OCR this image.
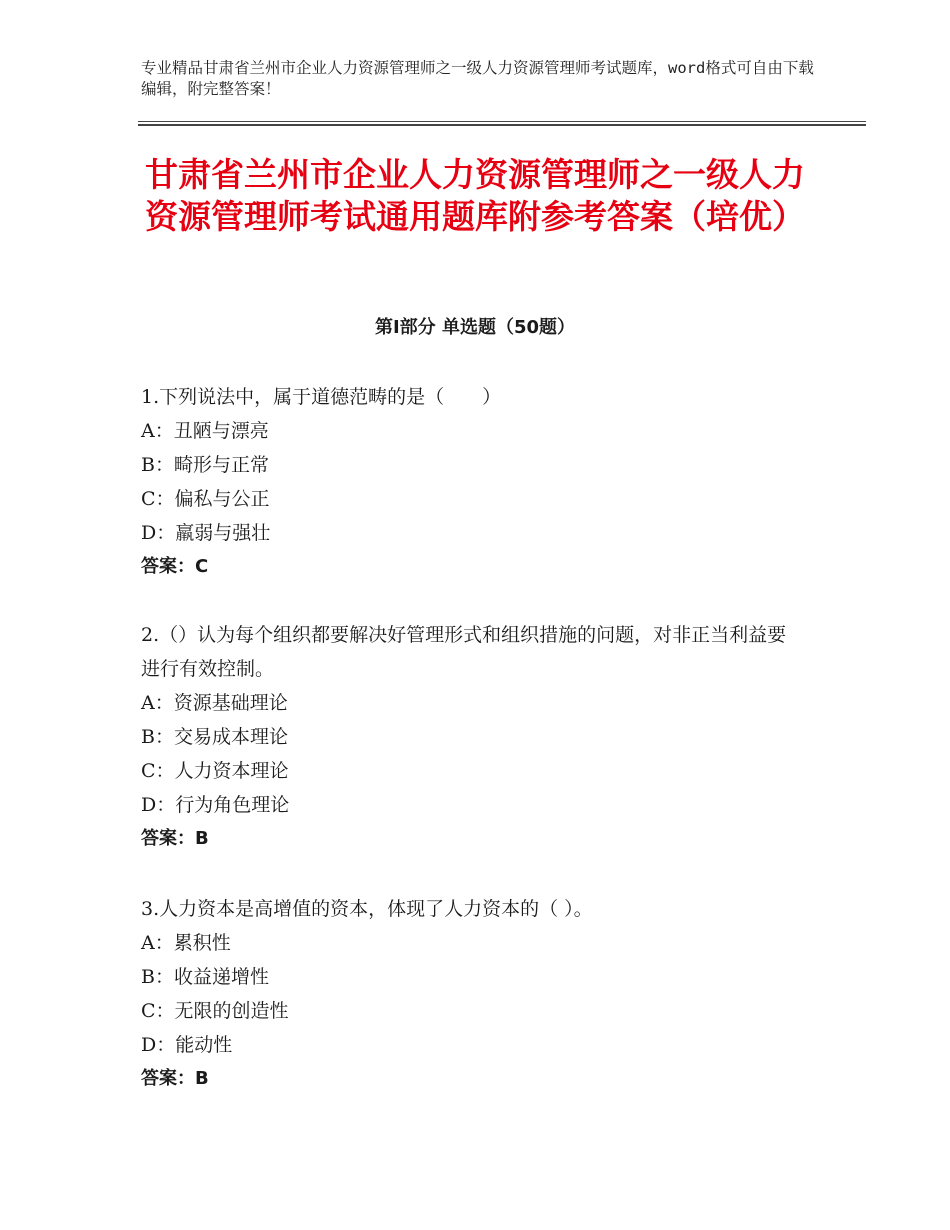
专业精品甘肃省兰州市企业人力资源管理师之一级人力资源管理师考试题库，word格式可自由下载编辑，附完整答案！
甘肃省兰州市企业人力资源管理师之一级人力资源管理师考试通用题库附参考答案（培优）
第Ⅰ部分 单选题（50题）

1.下列说法中，属于道德范畴的是（　　）

A：丑陋与漂亮

B：畸形与正常

C：偏私与公正

D：羸弱与强壮

答案：C

2.（）认为每个组织都要解决好管理形式和组织措施的问题，对非正当利益要进行有效控制。

A：资源基础理论

B：交易成本理论

C：人力资本理论

D：行为角色理论

答案：B

3.人力资本是高增值的资本，体现了人力资本的（ ）。

A：累积性

B：收益递增性

C：无限的创造性

D：能动性

答案：B
